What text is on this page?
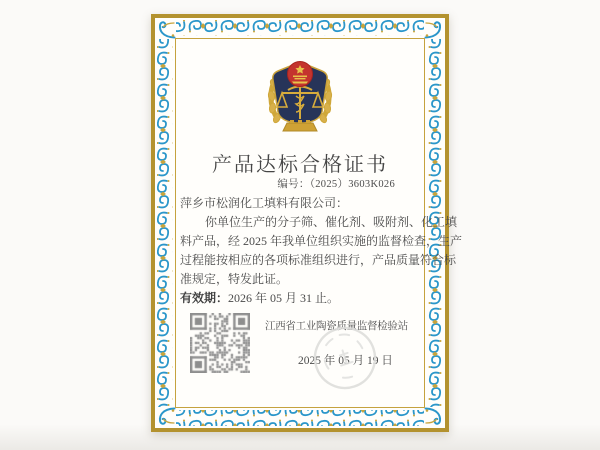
产品达标合格证书
编号：（2025）3603K026
萍乡市松润化工填料有限公司：
你单位生产的分子筛、催化剂、吸附剂、化工填
料产品，经 2025 年我单位组织实施的监督检查，生产
过程能按相应的各项标准组织进行，产品质量符合标
准规定，特发此证。
有效期：2026 年 05 月 31 止。
江西省工业陶瓷质量监督检验站
2025 年 05 月 19 日
